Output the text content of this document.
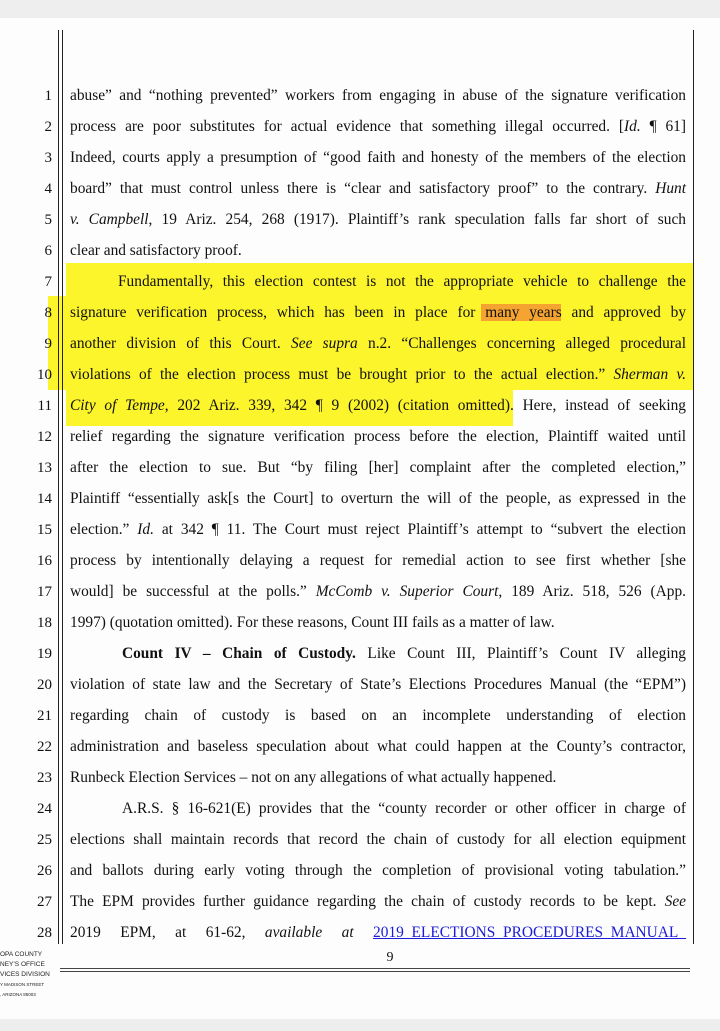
1
2
3
4
5
6
7
8
9
10
11
12
13
14
15
16
17
18
19
20
21
22
23
24
25
26
27
28
abuse” and “nothing prevented” workers from engaging in abuse of the signature verification
process are poor substitutes for actual evidence that something illegal occurred. [Id. ¶ 61]
Indeed, courts apply a presumption of “good faith and honesty of the members of the election
board” that must control unless there is “clear and satisfactory proof” to the contrary. Hunt
v. Campbell, 19 Ariz. 254, 268 (1917). Plaintiff’s rank speculation falls far short of such
clear and satisfactory proof.
Fundamentally, this election contest is not the appropriate vehicle to challenge the
signature verification process, which has been in place for many years and approved by
another division of this Court. See supra n.2. “Challenges concerning alleged procedural
violations of the election process must be brought prior to the actual election.” Sherman v.
City of Tempe, 202 Ariz. 339, 342 ¶ 9 (2002) (citation omitted). Here, instead of seeking
relief regarding the signature verification process before the election, Plaintiff waited until
after the election to sue. But “by filing [her] complaint after the completed election,”
Plaintiff “essentially ask[s the Court] to overturn the will of the people, as expressed in the
election.” Id. at 342 ¶ 11. The Court must reject Plaintiff’s attempt to “subvert the election
process by intentionally delaying a request for remedial action to see first whether [she
would] be successful at the polls.” McComb v. Superior Court, 189 Ariz. 518, 526 (App.
1997) (quotation omitted). For these reasons, Count III fails as a matter of law.
Count IV – Chain of Custody. Like Count III, Plaintiff’s Count IV alleging
violation of state law and the Secretary of State’s Elections Procedures Manual (the “EPM”)
regarding chain of custody is based on an incomplete understanding of election
administration and baseless speculation about what could happen at the County’s contractor,
Runbeck Election Services – not on any allegations of what actually happened.
A.R.S. § 16-621(E) provides that the “county recorder or other officer in charge of
elections shall maintain records that record the chain of custody for all election equipment
and ballots during early voting through the completion of provisional voting tabulation.”
The EPM provides further guidance regarding the chain of custody records to be kept. See
2019 EPM, at 61-62, available at 2019_ELECTIONS_PROCEDURES_MANUAL_
9
OPA COUNTY
NEY’S OFFICE
VICES DIVISION
Y MADISON STREET
, ARIZONA 85003
